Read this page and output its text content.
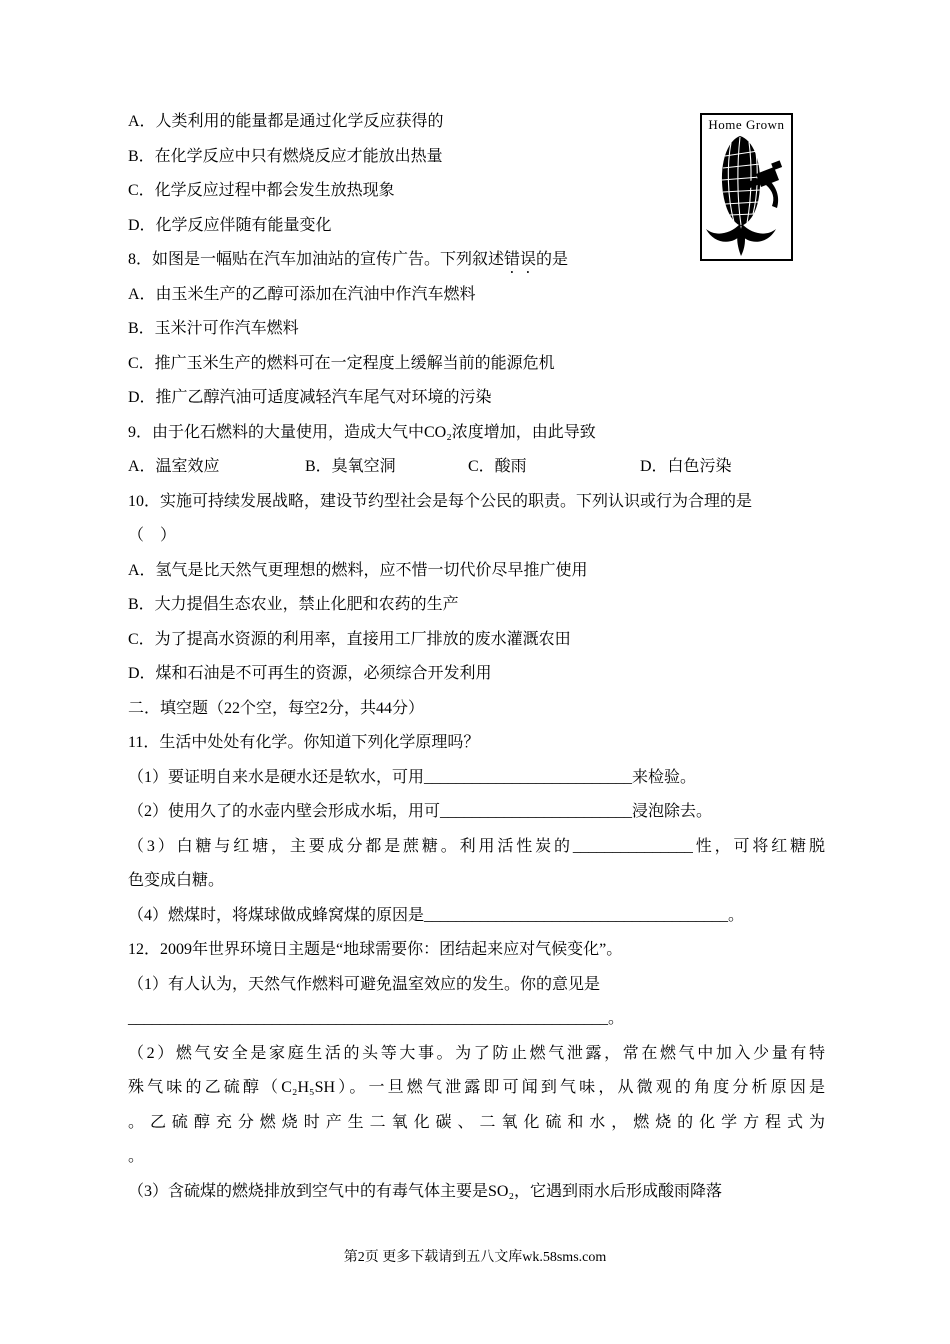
A．人类利用的能量都是通过化学反应获得的

B．在化学反应中只有燃烧反应才能放出热量

C．化学反应过程中都会发生放热现象

D．化学反应伴随有能量变化

8．如图是一幅贴在汽车加油站的宣传广告。下列叙述错误的是

A．由玉米生产的乙醇可添加在汽油中作汽车燃料

B．玉米汁可作汽车燃料

C．推广玉米生产的燃料可在一定程度上缓解当前的能源危机

D．推广乙醇汽油可适度减轻汽车尾气对环境的污染

9．由于化石燃料的大量使用，造成大气中CO₂浓度增加，由此导致

A．温室效应	B．臭氧空洞	C．酸雨	D．白色污染

10．实施可持续发展战略，建设节约型社会是每个公民的职责。下列认识或行为合理的是

（　）

A．氢气是比天然气更理想的燃料，应不惜一切代价尽早推广使用

B．大力提倡生态农业，禁止化肥和农药的生产

C．为了提高水资源的利用率，直接用工厂排放的废水灌溉农田

D．煤和石油是不可再生的资源，必须综合开发利用

二．填空题（22个空，每空2分，共44分）

11．生活中处处有化学。你知道下列化学原理吗？

（1）要证明自来水是硬水还是软水，可用__________________________来检验。

（2）使用久了的水壶内壁会形成水垢，用可________________________浸泡除去。

（3）白糖与红塘，主要成分都是蔗糖。利用活性炭的_______________性，可将红糖脱

色变成白糖。

（4）燃煤时，将煤球做成蜂窝煤的原因是______________________________________。

12．2009年世界环境日主题是“地球需要你：团结起来应对气候变化”。

（1）有人认为，天然气作燃料可避免温室效应的发生。你的意见是

____________________________________________________________。

（2）燃气安全是家庭生活的头等大事。为了防止燃气泄露，常在燃气中加入少量有特

殊气味的乙硫醇（C₂H₅SH）。一旦燃气泄露即可闻到气味，从微观的角度分析原因是

。乙硫醇充分燃烧时产生二氧化碳、二氧化硫和水，燃烧的化学方程式为

。

（3）含硫煤的燃烧排放到空气中的有毒气体主要是SO₂，它遇到雨水后形成酸雨降落

Home Grown
第2页 更多下载请到五八文库wk.58sms.com
